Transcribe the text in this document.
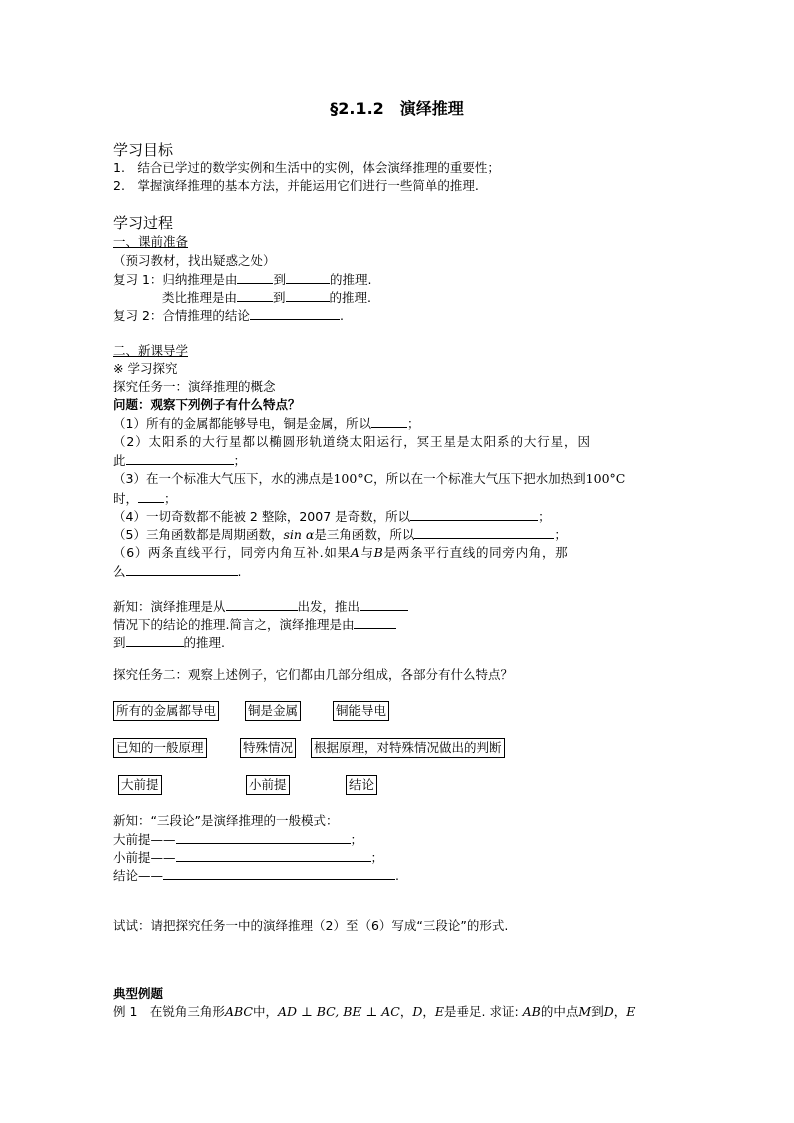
§2.1.2　演绎推理
学习目标
1.　结合已学过的数学实例和生活中的实例，体会演绎推理的重要性；
2.　掌握演绎推理的基本方法，并能运用它们进行一些简单的推理.
学习过程
一、课前准备
（预习教材，找出疑惑之处）
复习 1：归纳推理是由	到	的推理.
类比推理是由	到	的推理.
复习 2：合情推理的结论	.
二、新课导学
※ 学习探究
探究任务一：演绎推理的概念
问题：观察下列例子有什么特点？
（1）所有的金属都能够导电，铜是金属，所以	；
（2）太阳系的大行星都以椭圆形轨道绕太阳运行，冥王星是太阳系的大行星，因
此	；
（3）在一个标准大气压下，水的沸点是100°C，所以在一个标准大气压下把水加热到100°C
时， ；
（4）一切奇数都不能被 2 整除，2007 是奇数，所以	；
（5）三角函数都是周期函数，sin α是三角函数，所以	；
（6）两条直线平行，同旁内角互补.如果A与B是两条平行直线的同旁内角，那
么	.
新知：演绎推理是从	出发，推出
情况下的结论的推理.简言之，演绎推理是由
到	的推理.
探究任务二：观察上述例子，它们都由几部分组成，各部分有什么特点？
所有的金属都导电	铜是金属	铜能导电
已知的一般原理	特殊情况 根据原理，对特殊情况做出的判断
大前提	小前提	结论
新知：“三段论”是演绎推理的一般模式：
大前提——	；
小前提——	；
结论——	.
试试：请把探究任务一中的演绎推理（2）至（6）写成“三段论”的形式.
典型例题
例 1　在锐角三角形ABC中，AD ⊥ BC, BE ⊥ AC，D，E是垂足. 求证: AB的中点M到D，E
